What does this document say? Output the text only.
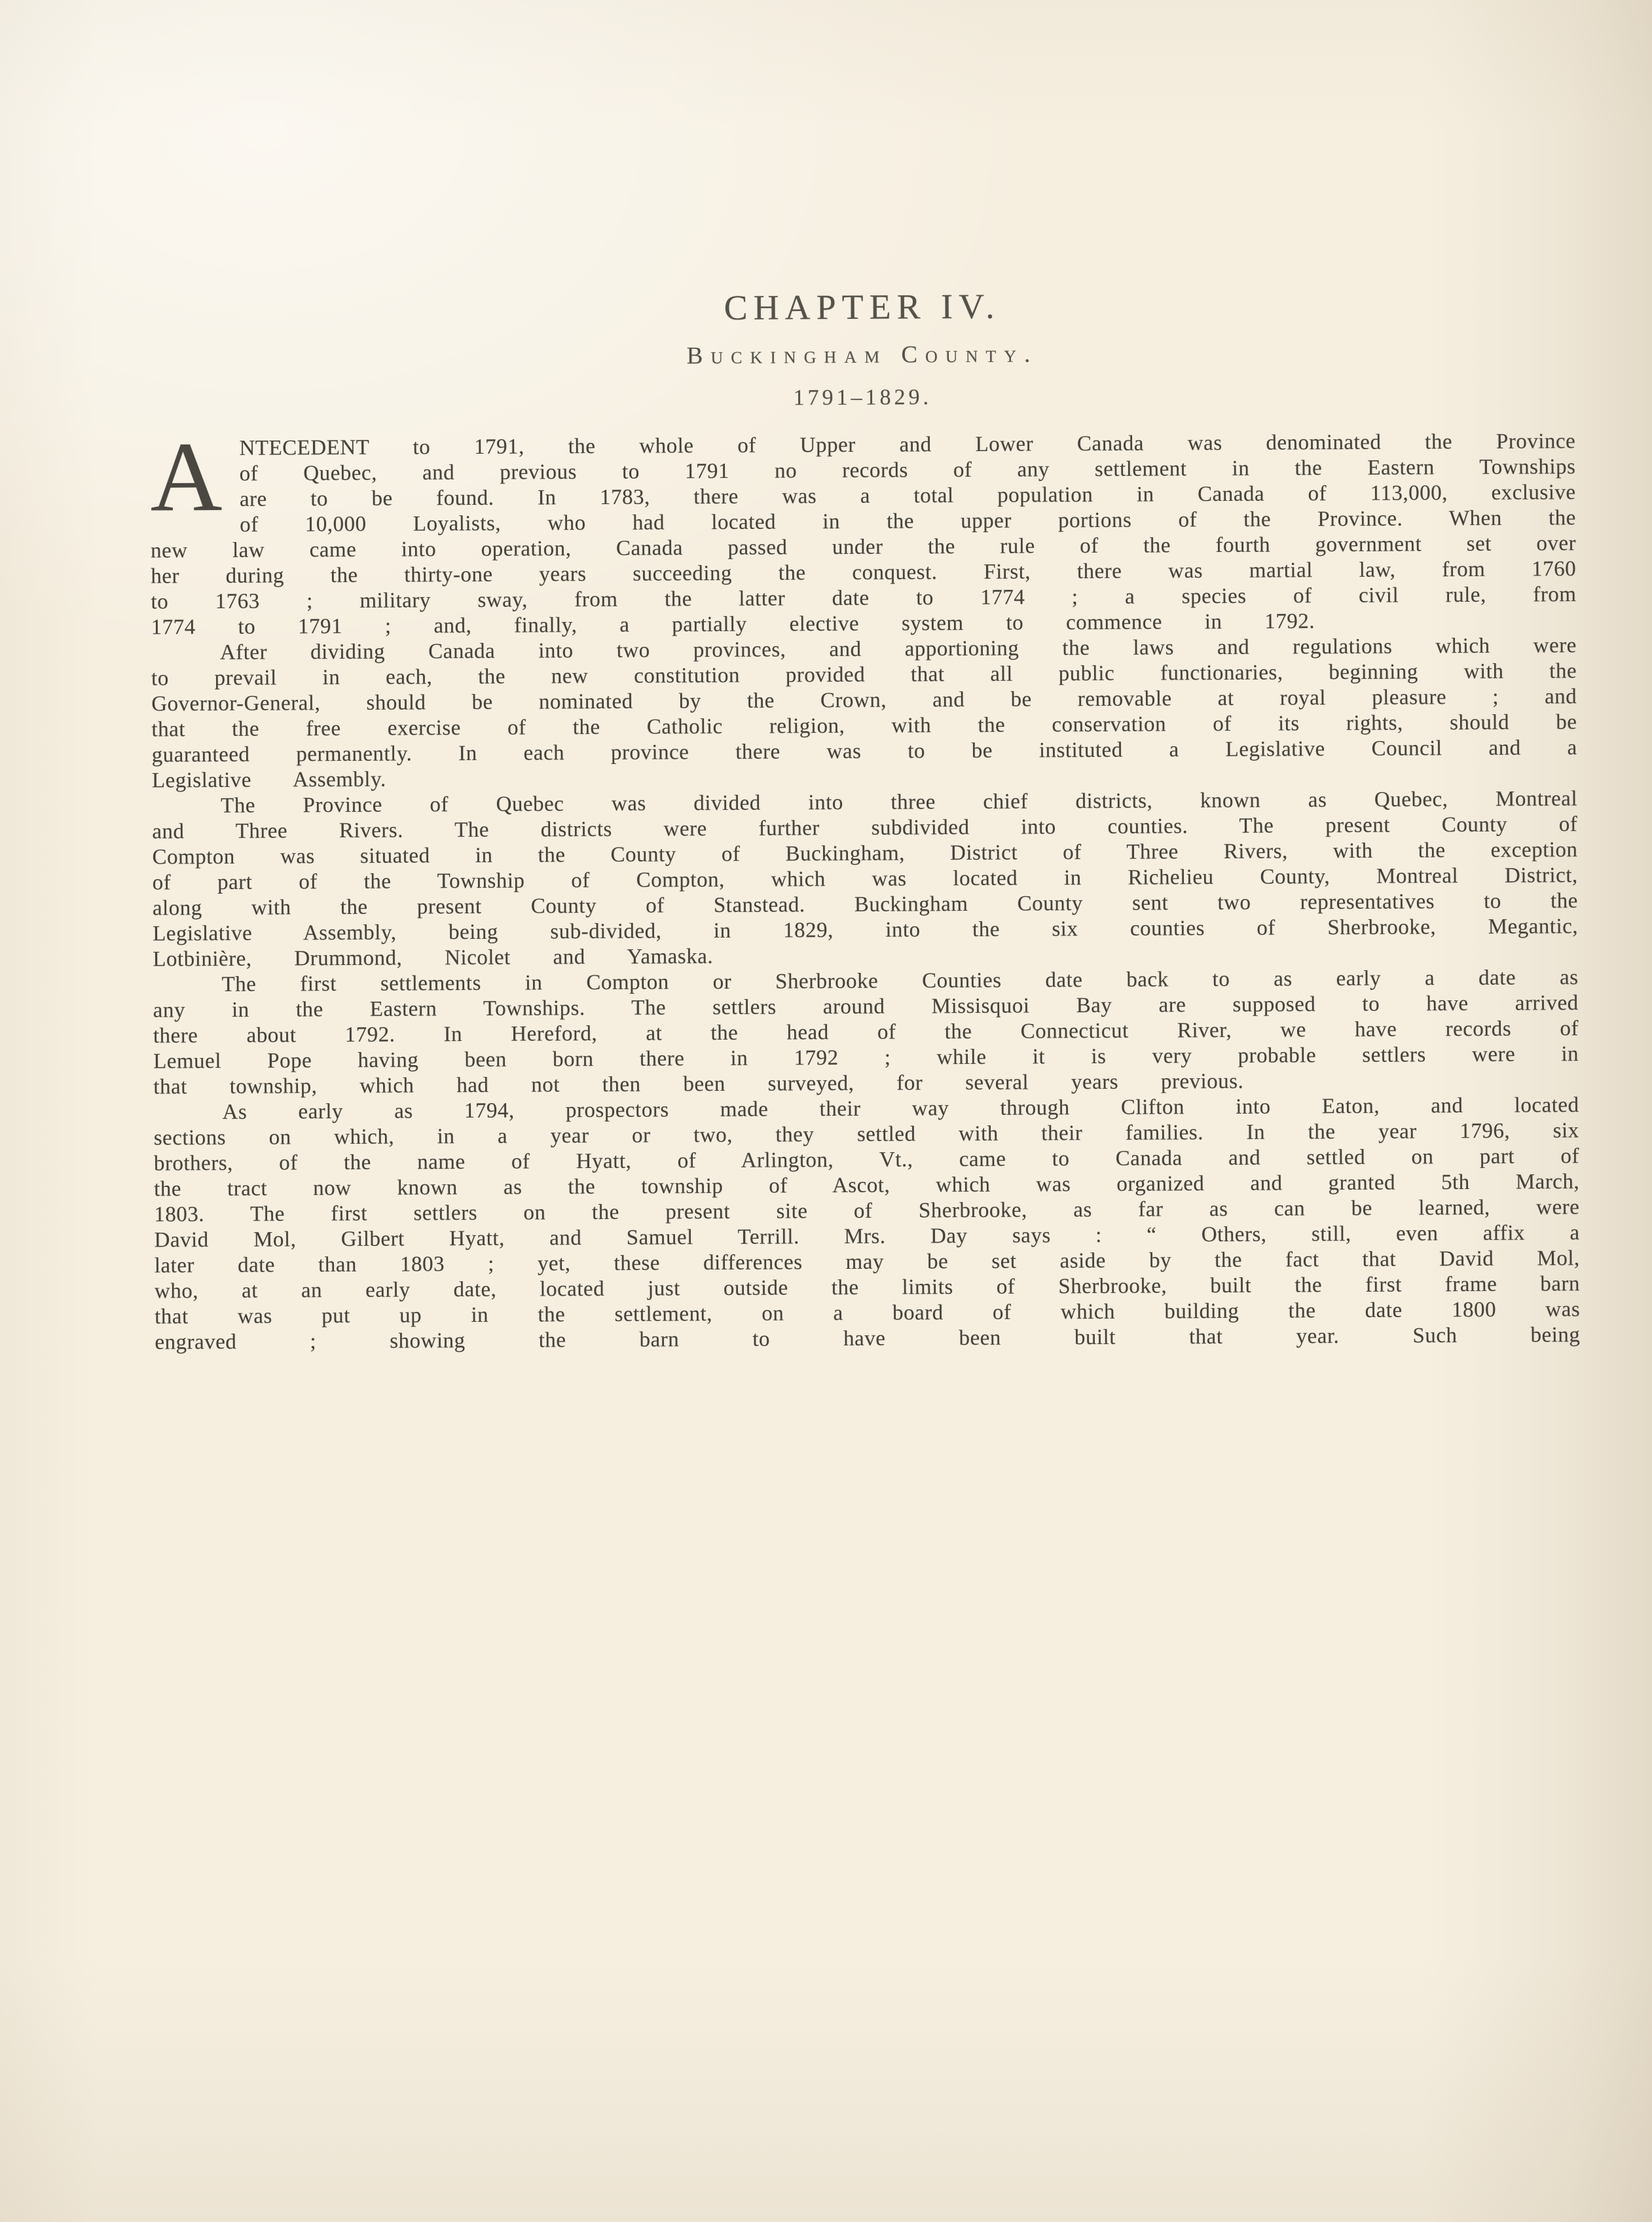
CHAPTER IV.
Buckingham County.
1791–1829.

ANTECEDENT to 1791, the whole of Upper and Lower Canada was denominated the Province of Quebec, and previous to 1791 no records of any settlement in the Eastern Townships are to be found. In 1783, there was a total population in Canada of 113,000, exclusive of 10,000 Loyalists, who had located in the upper portions of the Province. When the new law came into operation, Canada passed under the rule of the fourth government set over her during the thirty-one years succeeding the conquest. First, there was martial law, from 1760 to 1763 ; military sway, from the latter date to 1774 ; a species of civil rule, from 1774 to 1791 ; and, finally, a partially elective system to commence in 1792.

After dividing Canada into two provinces, and apportioning the laws and regulations which were to prevail in each, the new constitution provided that all public functionaries, beginning with the Governor-General, should be nominated by the Crown, and be removable at royal pleasure ; and that the free exercise of the Catholic religion, with the conservation of its rights, should be guaranteed permanently. In each province there was to be instituted a Legislative Council and a Legislative Assembly.

The Province of Quebec was divided into three chief districts, known as Quebec, Montreal and Three Rivers. The districts were further subdivided into counties. The present County of Compton was situated in the County of Buckingham, District of Three Rivers, with the exception of part of the Township of Compton, which was located in Richelieu County, Montreal District, along with the present County of Stanstead. Buckingham County sent two representatives to the Legislative Assembly, being sub-divided, in 1829, into the six counties of Sherbrooke, Megantic, Lotbinière, Drummond, Nicolet and Yamaska.

The first settlements in Compton or Sherbrooke Counties date back to as early a date as any in the Eastern Townships. The settlers around Missisquoi Bay are supposed to have arrived there about 1792. In Hereford, at the head of the Connecticut River, we have records of Lemuel Pope having been born there in 1792 ; while it is very probable settlers were in that township, which had not then been surveyed, for several years previous.

As early as 1794, prospectors made their way through Clifton into Eaton, and located sections on which, in a year or two, they settled with their families. In the year 1796, six brothers, of the name of Hyatt, of Arlington, Vt., came to Canada and settled on part of the tract now known as the township of Ascot, which was organized and granted 5th March, 1803. The first settlers on the present site of Sherbrooke, as far as can be learned, were David Mol, Gilbert Hyatt, and Samuel Terrill. Mrs. Day says : “ Others, still, even affix a later date than 1803 ; yet, these differences may be set aside by the fact that David Mol, who, at an early date, located just outside the limits of Sherbrooke, built the first frame barn that was put up in the settlement, on a board of which building the date 1800 was engraved ; showing the barn to have been built that year. Such being
